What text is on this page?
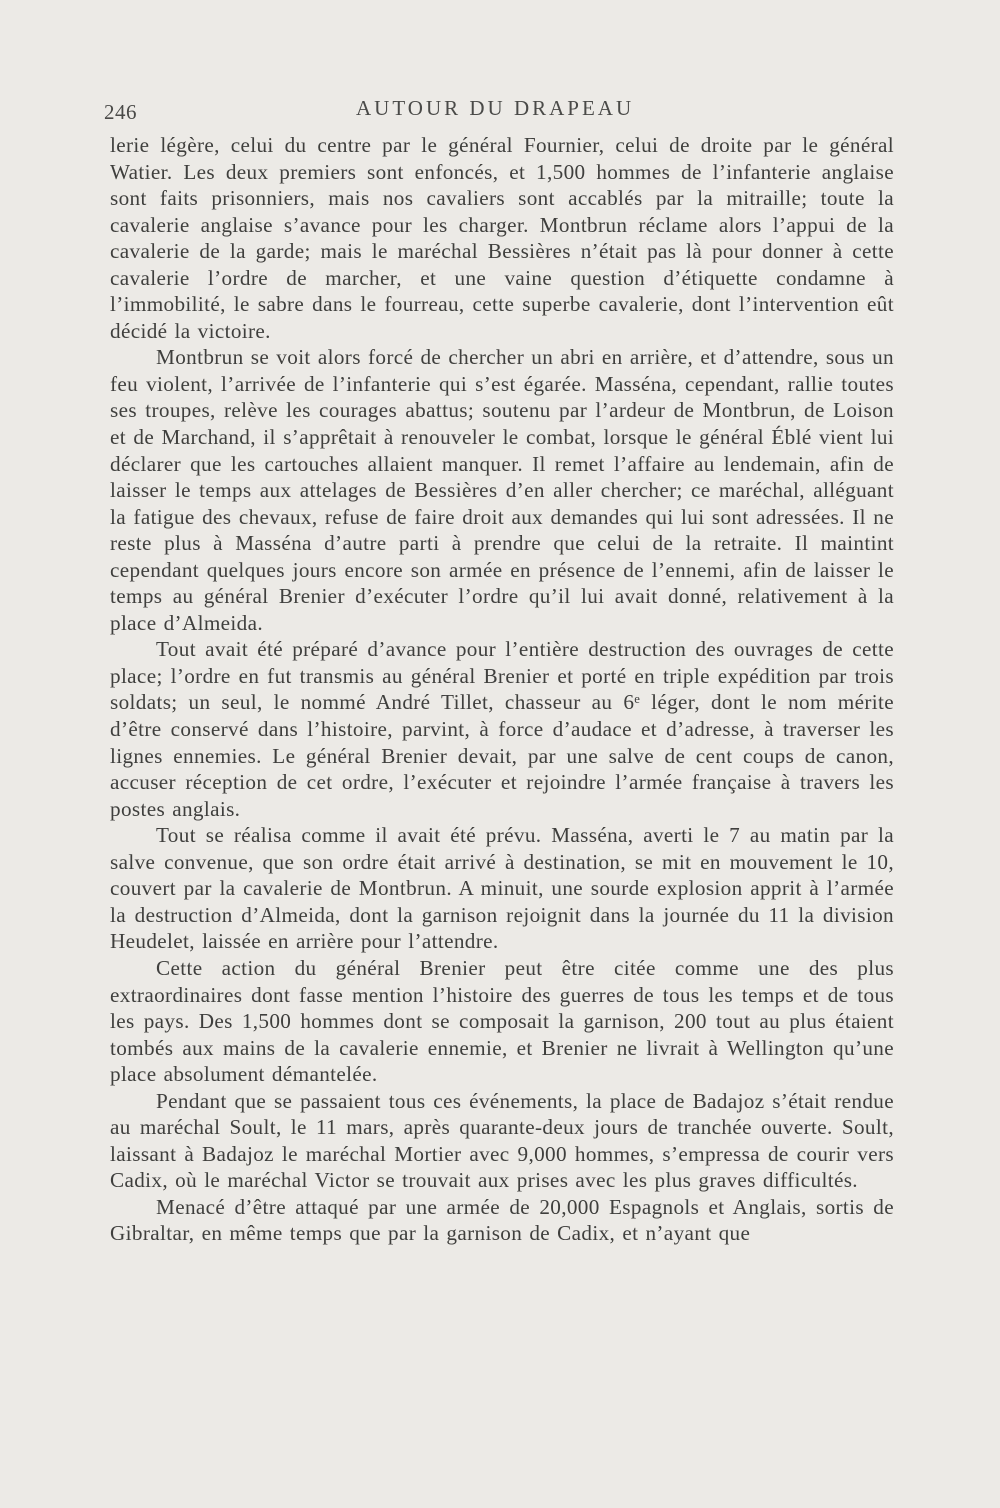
246	AUTOUR DU DRAPEAU

lerie légère, celui du centre par le général Fournier, celui de droite par le général Watier. Les deux premiers sont enfoncés, et 1,500 hommes de l’infanterie anglaise sont faits prisonniers, mais nos cavaliers sont accablés par la mitraille; toute la cavalerie anglaise s’avance pour les charger. Montbrun réclame alors l’appui de la cavalerie de la garde; mais le maréchal Bessières n’était pas là pour donner à cette cavalerie l’ordre de marcher, et une vaine question d’étiquette condamne à l’immobilité, le sabre dans le fourreau, cette superbe cavalerie, dont l’intervention eût décidé la victoire.

Montbrun se voit alors forcé de chercher un abri en arrière, et d’attendre, sous un feu violent, l’arrivée de l’infanterie qui s’est égarée. Masséna, cependant, rallie toutes ses troupes, relève les courages abattus; soutenu par l’ardeur de Montbrun, de Loison et de Marchand, il s’apprêtait à renouveler le combat, lorsque le général Éblé vient lui déclarer que les cartouches allaient manquer. Il remet l’affaire au lendemain, afin de laisser le temps aux attelages de Bessières d’en aller chercher; ce maréchal, alléguant la fatigue des chevaux, refuse de faire droit aux demandes qui lui sont adressées. Il ne reste plus à Masséna d’autre parti à prendre que celui de la retraite. Il maintint cependant quelques jours encore son armée en présence de l’ennemi, afin de laisser le temps au général Brenier d’exécuter l’ordre qu’il lui avait donné, relativement à la place d’Almeida.

Tout avait été préparé d’avance pour l’entière destruction des ouvrages de cette place; l’ordre en fut transmis au général Brenier et porté en triple expédition par trois soldats; un seul, le nommé André Tillet, chasseur au 6ᵉ léger, dont le nom mérite d’être conservé dans l’histoire, parvint, à force d’audace et d’adresse, à traverser les lignes ennemies. Le général Brenier devait, par une salve de cent coups de canon, accuser réception de cet ordre, l’exécuter et rejoindre l’armée française à travers les postes anglais.

Tout se réalisa comme il avait été prévu. Masséna, averti le 7 au matin par la salve convenue, que son ordre était arrivé à destination, se mit en mouvement le 10, couvert par la cavalerie de Montbrun. A minuit, une sourde explosion apprit à l’armée la destruction d’Almeida, dont la garnison rejoignit dans la journée du 11 la division Heudelet, laissée en arrière pour l’attendre.

Cette action du général Brenier peut être citée comme une des plus extraordinaires dont fasse mention l’histoire des guerres de tous les temps et de tous les pays. Des 1,500 hommes dont se composait la garnison, 200 tout au plus étaient tombés aux mains de la cavalerie ennemie, et Brenier ne livrait à Wellington qu’une place absolument démantelée.

Pendant que se passaient tous ces événements, la place de Badajoz s’était rendue au maréchal Soult, le 11 mars, après quarante-deux jours de tranchée ouverte. Soult, laissant à Badajoz le maréchal Mortier avec 9,000 hommes, s’empressa de courir vers Cadix, où le maréchal Victor se trouvait aux prises avec les plus graves difficultés.

Menacé d’être attaqué par une armée de 20,000 Espagnols et Anglais, sortis de Gibraltar, en même temps que par la garnison de Cadix, et n’ayant que
